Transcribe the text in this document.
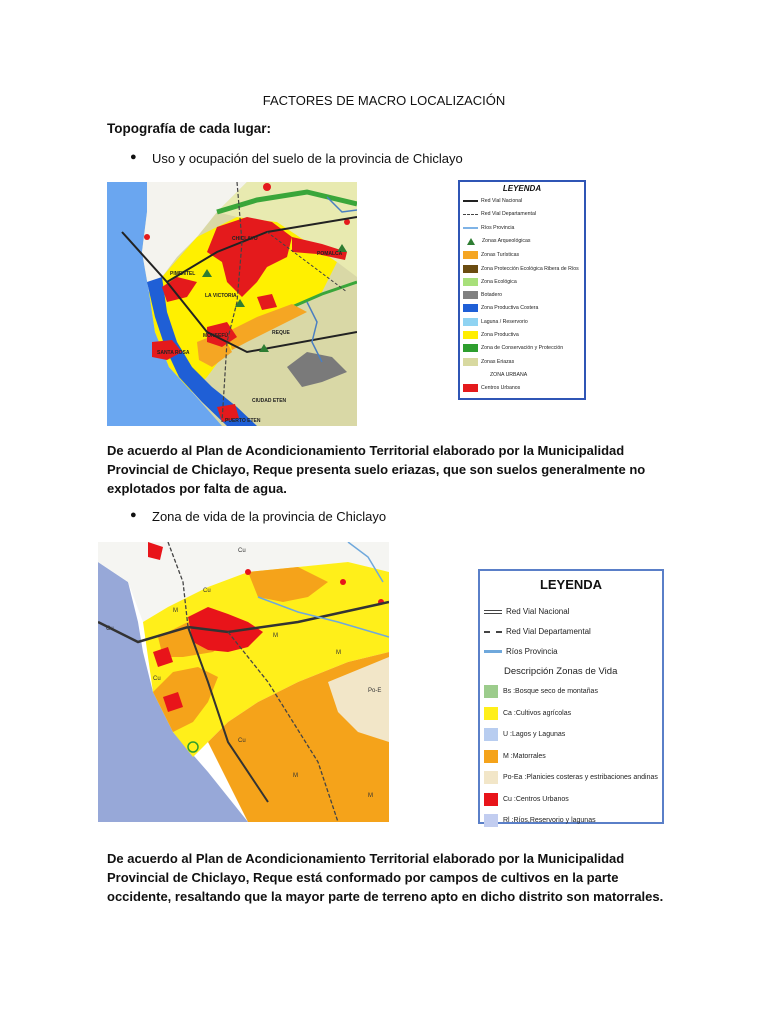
FACTORES DE MACRO LOCALIZACIÓN
Topografía de cada lugar:
● Uso y ocupación del suelo de la provincia de Chiclayo
CHICLAYO
PIMENTEL
LA VICTORIA
MONSEFÚ	REQUE
POMALCA
SANTA ROSA
CIUDAD ETEN
PUERTO ETEN
LEYENDA
Red Vial Nacional
Red Vial Departamental
Ríos Provincia
Zonas Arqueológicas
Zonas Turísticas
Zona Protección Ecológica Ribera de Ríos
Zona Ecológica
Botadero
Zona Productiva Costera
Laguna / Reservorio
Zona Productiva
Zona de Conservación y Protección
Zonas Eriazas
ZONA URBANA
Centros Urbanos
De acuerdo al Plan de Acondicionamiento Territorial elaborado por la Municipalidad Provincial de Chiclayo, Reque presenta suelo eriazas, que son suelos generalmente no explotados por falta de agua.
● Zona de vida de la provincia de Chiclayo
Cu
M
Cu
Cu
M
M
Po-E
Cu
Cu
M
M
LEYENDA
Red Vial Nacional
Red Vial Departamental
Ríos Provincia
Descripción Zonas de Vida
Bs :Bosque seco de montañas
Ca :Cultivos agrícolas
U :Lagos y Lagunas
M :Matorrales
Po-Ea :Planicies costeras y estribaciones andinas
Cu :Centros Urbanos
Rl :Ríos,Reservorio y lagunas
De acuerdo al Plan de Acondicionamiento Territorial elaborado por la Municipalidad Provincial de Chiclayo, Reque está conformado por campos de cultivos en la parte occidente, resaltando que la mayor parte de terreno apto en dicho distrito son matorrales.
